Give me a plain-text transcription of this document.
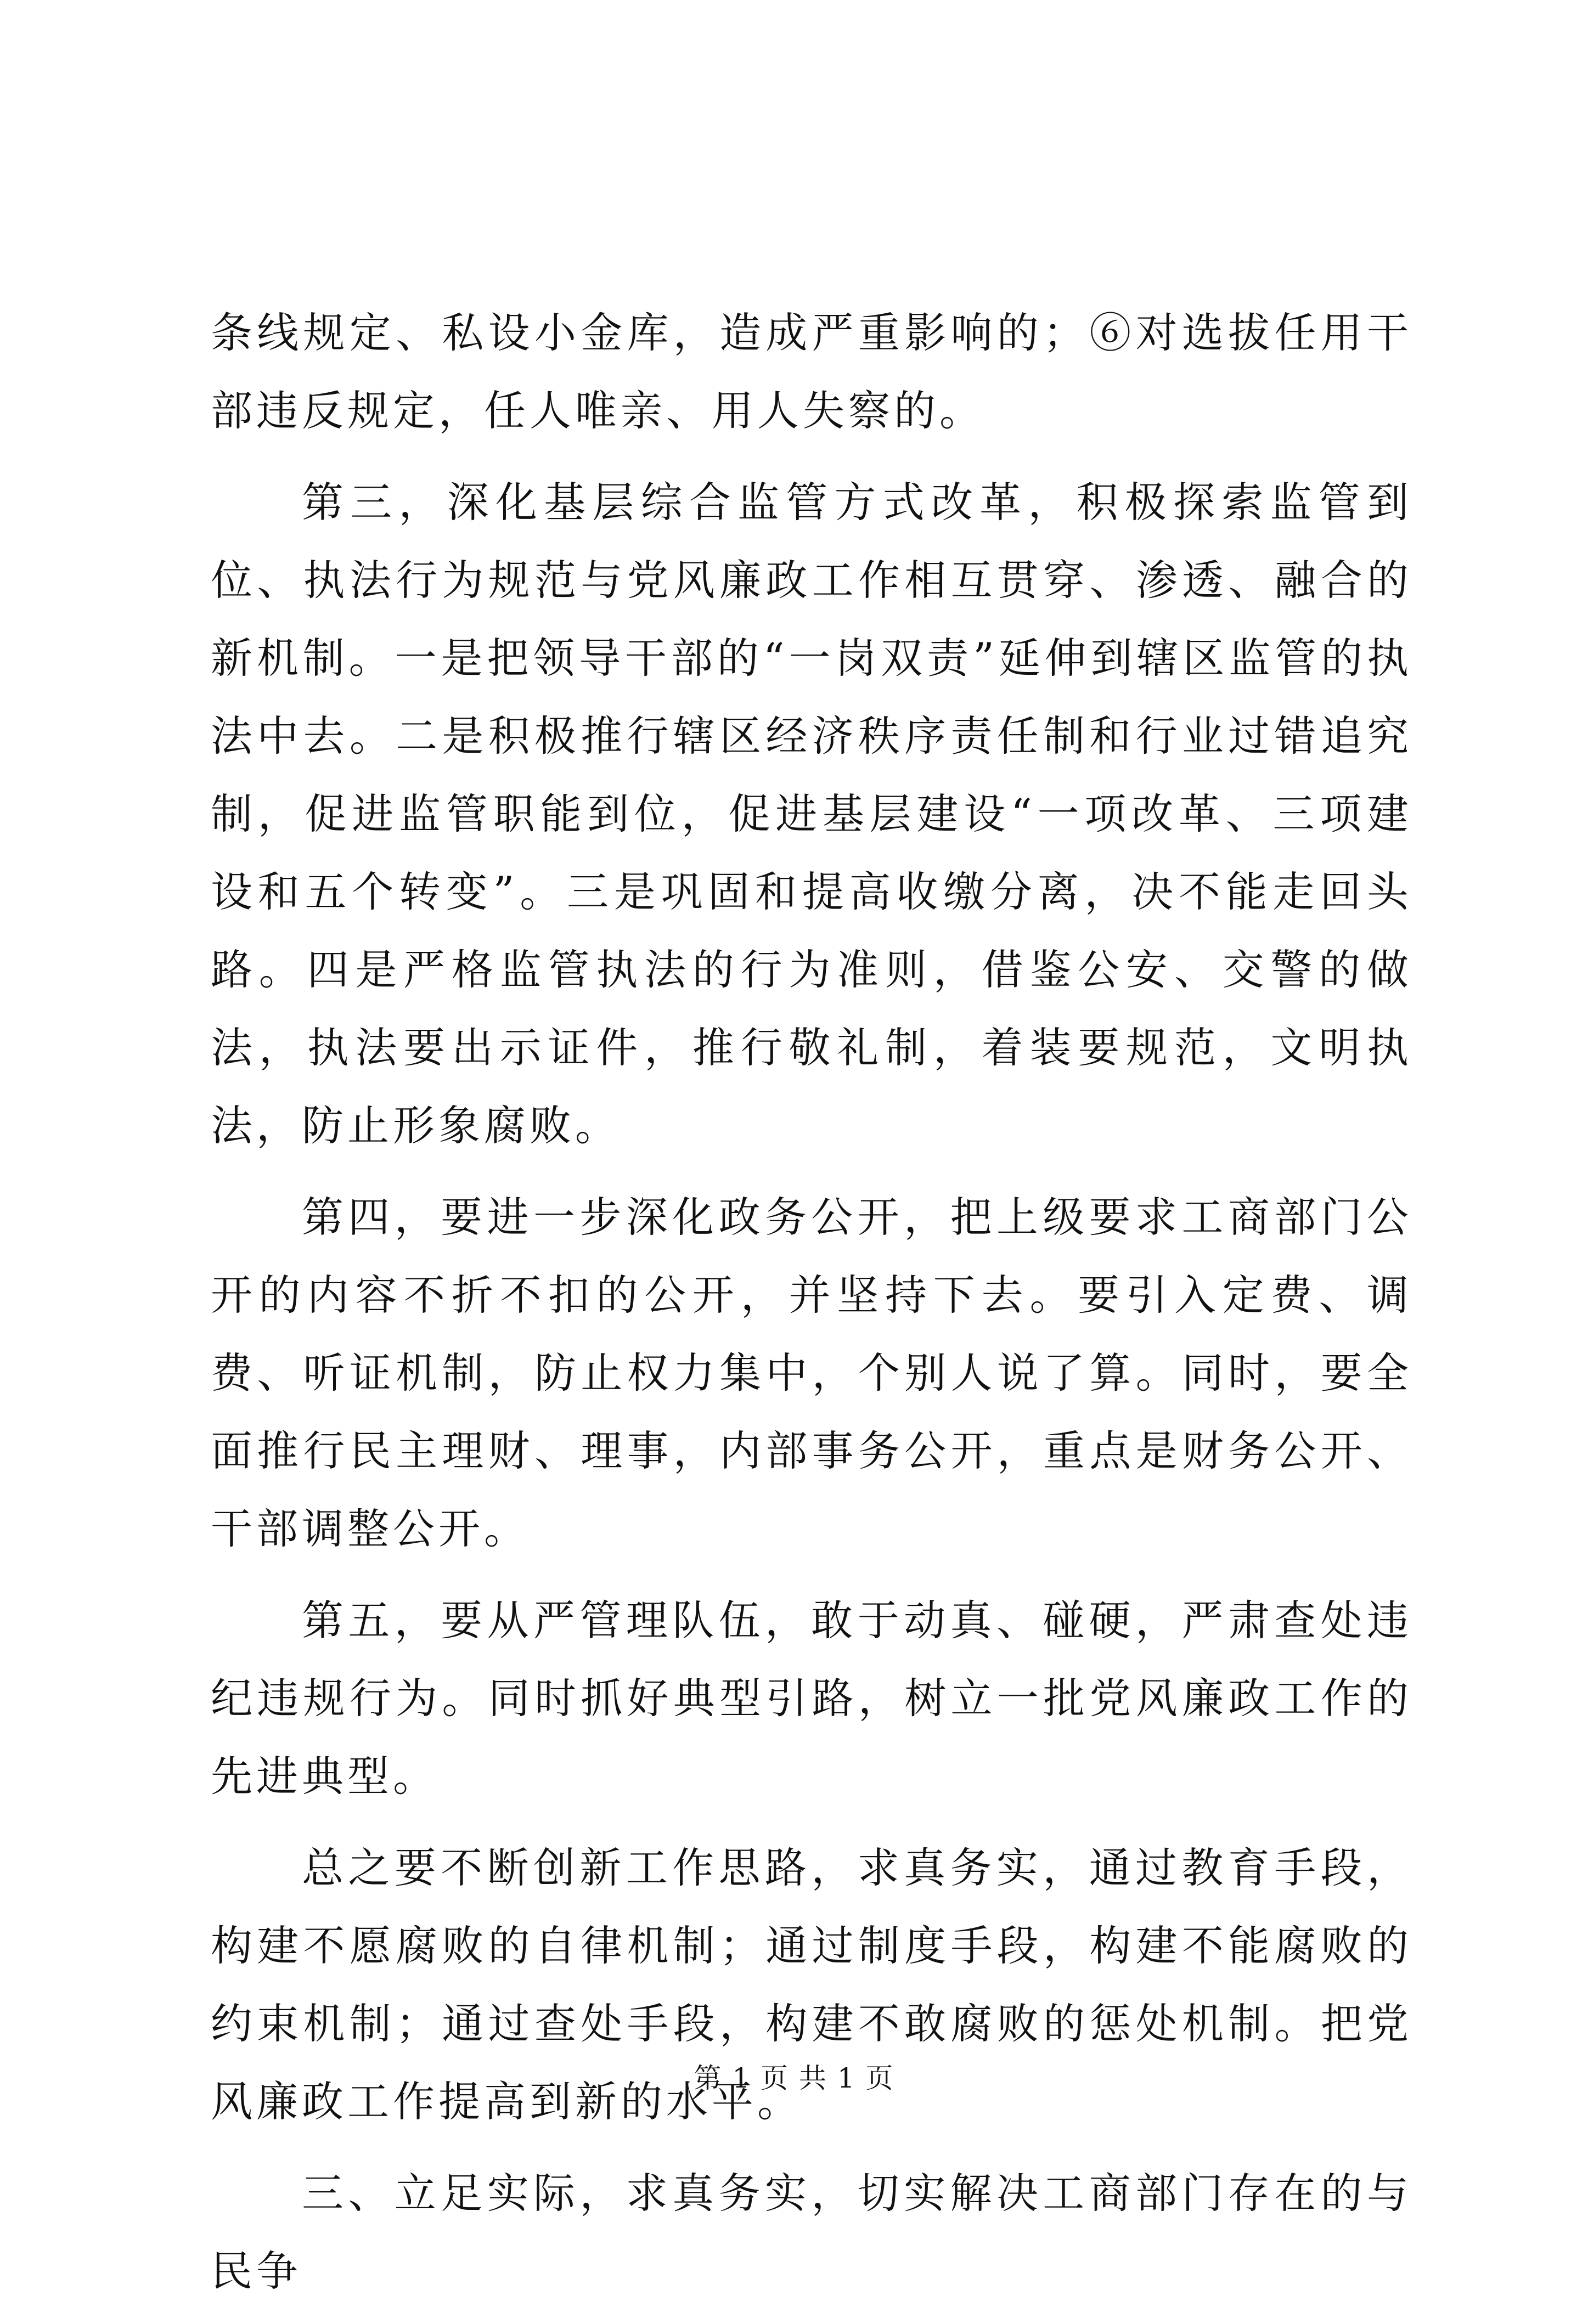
条线规定、私设小金库，造成严重影响的；⑥对选拔任用干部违反规定，任人唯亲、用人失察的。

第三，深化基层综合监管方式改革，积极探索监管到位、执法行为规范与党风廉政工作相互贯穿、渗透、融合的新机制。一是把领导干部的“一岗双责”延伸到辖区监管的执法中去。二是积极推行辖区经济秩序责任制和行业过错追究制，促进监管职能到位，促进基层建设“一项改革、三项建设和五个转变”。三是巩固和提高收缴分离，决不能走回头路。四是严格监管执法的行为准则，借鉴公安、交警的做法，执法要出示证件，推行敬礼制，着装要规范，文明执法，防止形象腐败。

第四，要进一步深化政务公开，把上级要求工商部门公开的内容不折不扣的公开，并坚持下去。要引入定费、调费、听证机制，防止权力集中，个别人说了算。同时，要全面推行民主理财、理事，内部事务公开，重点是财务公开、干部调整公开。

第五，要从严管理队伍，敢于动真、碰硬，严肃查处违纪违规行为。同时抓好典型引路，树立一批党风廉政工作的先进典型。

总之要不断创新工作思路，求真务实，通过教育手段，构建不愿腐败的自律机制；通过制度手段，构建不能腐败的约束机制；通过查处手段，构建不敢腐败的惩处机制。把党风廉政工作提高到新的水平。

三、立足实际，求真务实，切实解决工商部门存在的与民争

第 1 页 共 1 页
